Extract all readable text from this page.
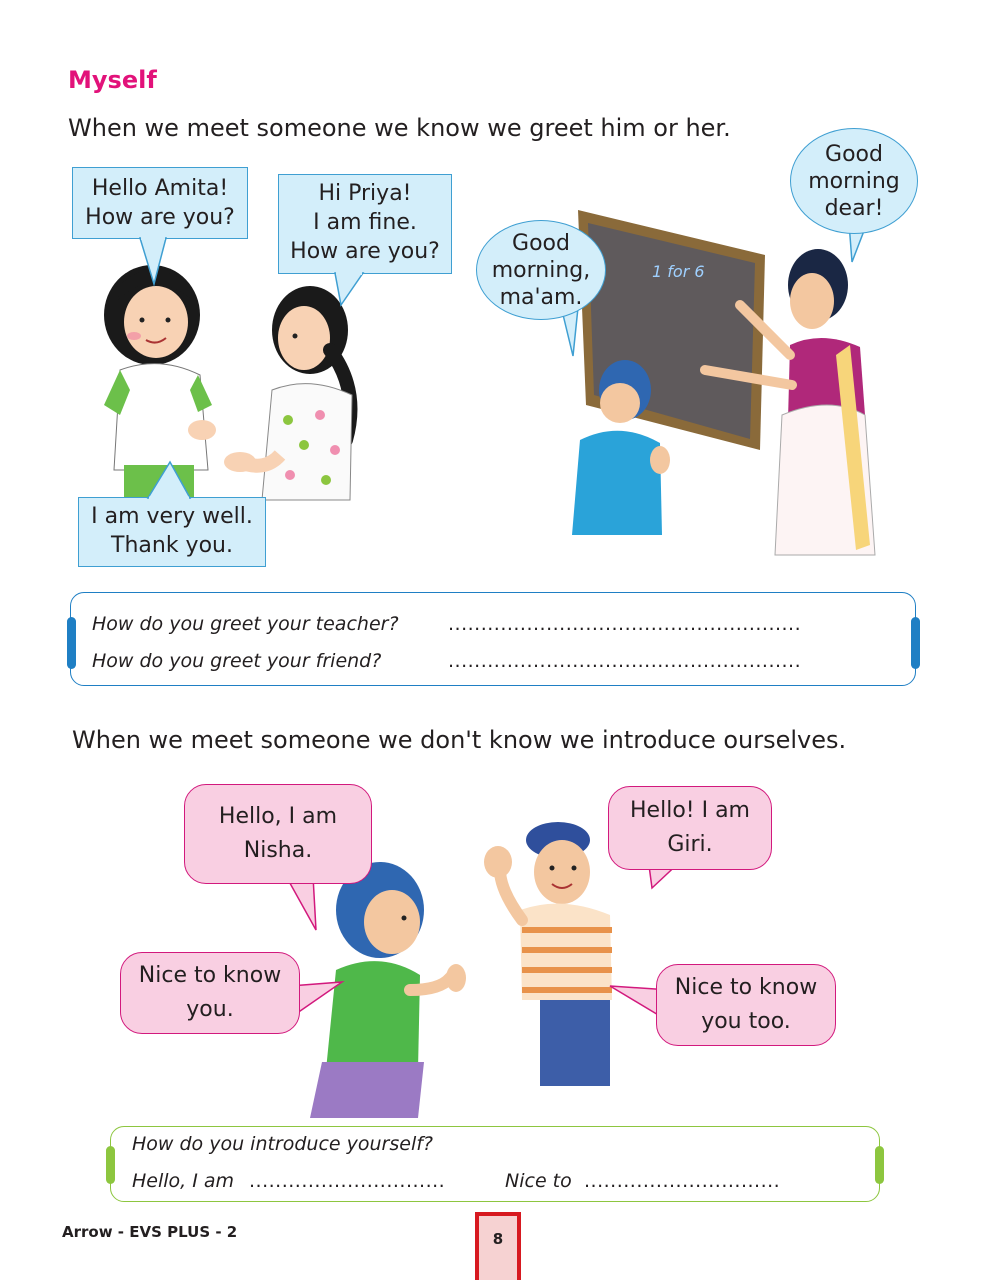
Myself
When we meet someone we know we greet him or her.
1 for 6
Hello Amita!
How are you?
Hi Priya!
I am fine.
How are you?
I am very well.
Thank you.
Good
morning,
ma'am.
Good
morning
dear!
How do you greet your teacher?	......................................................
How do you greet your friend?	......................................................
When we meet someone we don't know we introduce ourselves.
Hello, I am
Nisha.
Hello! I am
Giri.
Nice to know
you.
Nice to know
you too.
How do you introduce yourself?
Hello, I am ..............................	Nice to ..............................
Arrow - EVS PLUS - 2	8
